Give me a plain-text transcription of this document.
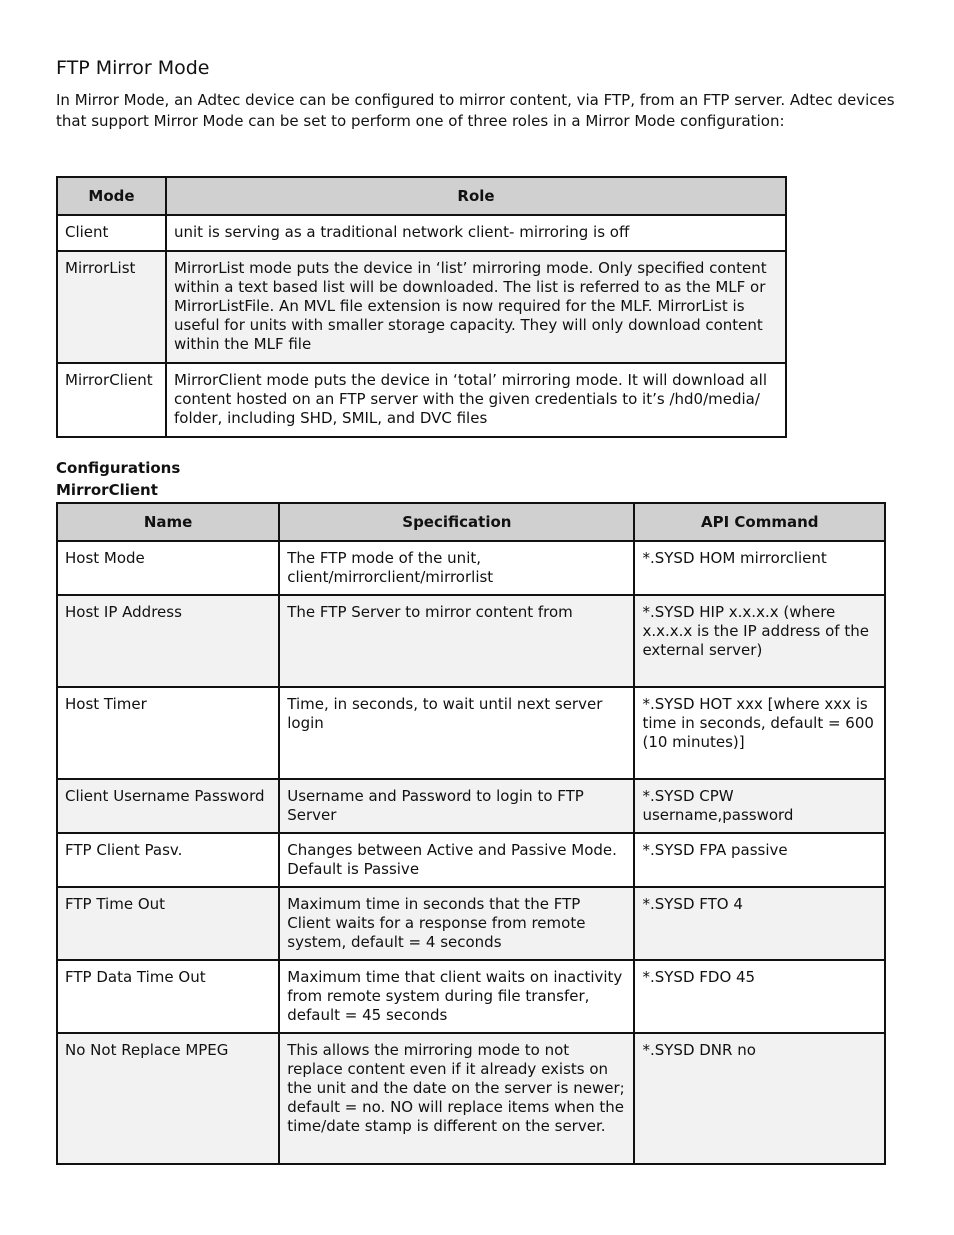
FTP Mirror Mode

In Mirror Mode, an Adtec device can be configured to mirror content, via FTP, from an FTP server. Adtec devices that support Mirror Mode can be set to perform one of three roles in a Mirror Mode configuration:

Mode	Role
Client	unit is serving as a traditional network client- mirroring is off
MirrorList	MirrorList mode puts the device in ‘list’ mirroring mode. Only specified content within a text based list will be downloaded. The list is referred to as the MLF or MirrorListFile. An MVL file extension is now required for the MLF. MirrorList is useful for units with smaller storage capacity. They will only download content within the MLF file
MirrorClient	MirrorClient mode puts the device in ‘total’ mirroring mode. It will download all content hosted on an FTP server with the given credentials to it’s /hd0/media/ folder, including SHD, SMIL, and DVC files
Configurations
MirrorClient
Name	Specification	API Command
Host Mode	The FTP mode of the unit, client/mirrorclient/mirrorlist	*.SYSD HOM mirrorclient
Host IP Address	The FTP Server to mirror content from	*.SYSD HIP x.x.x.x (where x.x.x.x is the IP address of the external server)
Host Timer	Time, in seconds, to wait until next server login	*.SYSD HOT xxx [where xxx is time in seconds, default = 600 (10 minutes)]
Client Username Password	Username and Password to login to FTP Server	*.SYSD CPW username,password
FTP Client Pasv.	Changes between Active and Passive Mode. Default is Passive	*.SYSD FPA passive
FTP Time Out	Maximum time in seconds that the FTP Client waits for a response from remote system, default = 4 seconds	*.SYSD FTO 4
FTP Data Time Out	Maximum time that client waits on inactivity from remote system during file transfer, default = 45 seconds	*.SYSD FDO 45
No Not Replace MPEG	This allows the mirroring mode to not replace content even if it already exists on the unit and the date on the server is newer; default = no. NO will replace items when the time/date stamp is different on the server.	*.SYSD DNR no
